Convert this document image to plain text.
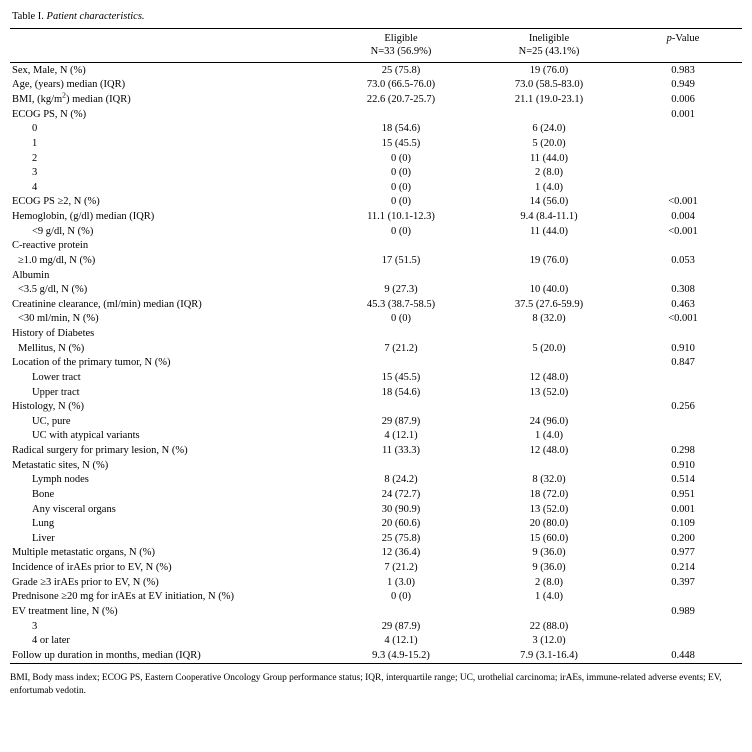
Table I. Patient characteristics.

Eligible
N=33 (56.9%)

Ineligible
N=25 (43.1%)

p-Value

Sex, Male, N (%)	25 (75.8)	19 (76.0)	0.983
Age, (years) median (IQR)	73.0 (66.5-76.0)	73.0 (58.5-83.0)	0.949
BMI, $(kg/m^2)$ median (IQR)	22.6 (20.7-25.7)	21.1 (19.0-23.1)	0.006
ECOG PS, N (%)			0.001
0	18 (54.6)	6 (24.0)	
1	15 (45.5)	5 (20.0)	
2	0 (0)	11 (44.0)	
3	0 (0)	2 (8.0)	
4	0 (0)	1 (4.0)	
ECOG PS ≥2, N (%)	0 (0)	14 (56.0)	<0.001
Hemoglobin, (g/dl) median (IQR)	11.1 (10.1-12.3)	9.4 (8.4-11.1)	0.004
<9 g/dl, N (%)	0 (0)	11 (44.0)	<0.001
C-reactive protein			
≥1.0 mg/dl, N (%)	17 (51.5)	19 (76.0)	0.053
Albumin			
<3.5 g/dl, N (%)	9 (27.3)	10 (40.0)	0.308
Creatinine clearance, (ml/min) median (IQR)	45.3 (38.7-58.5)	37.5 (27.6-59.9)	0.463
<30 ml/min, N (%)	0 (0)	8 (32.0)	<0.001
History of Diabetes			
Mellitus, N (%)	7 (21.2)	5 (20.0)	0.910
Location of the primary tumor, N (%)			0.847
Lower tract	15 (45.5)	12 (48.0)	
Upper tract	18 (54.6)	13 (52.0)	
Histology, N (%)			0.256
UC, pure	29 (87.9)	24 (96.0)	
UC with atypical variants	4 (12.1)	1 (4.0)	
Radical surgery for primary lesion, N (%)	11 (33.3)	12 (48.0)	0.298
Metastatic sites, N (%)			0.910
Lymph nodes	8 (24.2)	8 (32.0)	0.514
Bone	24 (72.7)	18 (72.0)	0.951
Any visceral organs	30 (90.9)	13 (52.0)	0.001
Lung	20 (60.6)	20 (80.0)	0.109
Liver	25 (75.8)	15 (60.0)	0.200
Multiple metastatic organs, N (%)	12 (36.4)	9 (36.0)	0.977
Incidence of irAEs prior to EV, N (%)	7 (21.2)	9 (36.0)	0.214
Grade ≥3 irAEs prior to EV, N (%)	1 (3.0)	2 (8.0)	0.397
Prednisone ≥20 mg for irAEs at EV initiation, N (%)	0 (0)	1 (4.0)	
EV treatment line, N (%)			0.989
3	29 (87.9)	22 (88.0)	
4 or later	4 (12.1)	3 (12.0)	
Follow up duration in months, median (IQR)	9.3 (4.9-15.2)	7.9 (3.1-16.4)	0.448
BMI, Body mass index; ECOG PS, Eastern Cooperative Oncology Group performance status; IQR, interquartile range; UC, urothelial carcinoma; irAEs, immune-related adverse events; EV, enfortumab vedotin.
